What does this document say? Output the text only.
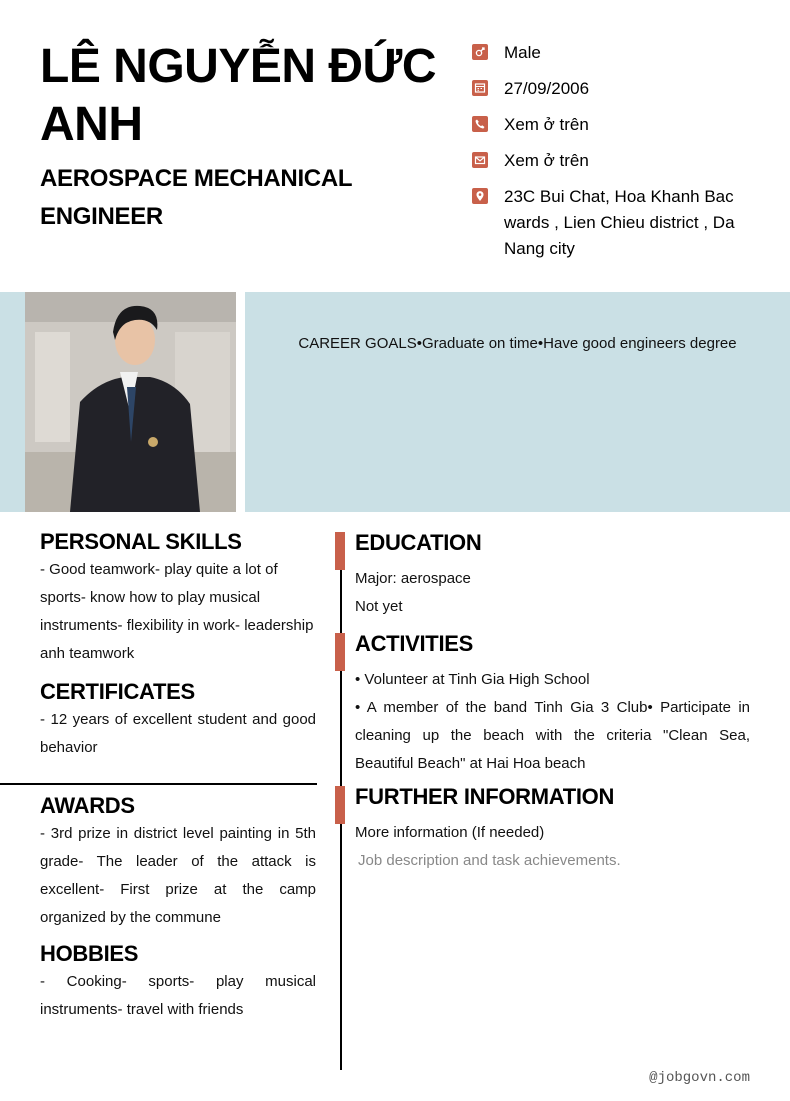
LÊ NGUYỄN ĐỨC ANH
AEROSPACE MECHANICAL ENGINEER
Male
27/09/2006
Xem ở trên
Xem ở trên
23C Bui Chat, Hoa Khanh Bac wards , Lien Chieu district , Da Nang city
CAREER GOALS•Graduate on time•Have good engineers degree
PERSONAL SKILLS
- Good teamwork- play quite a lot of sports- know how to play musical instruments- flexibility in work- leadership anh teamwork
CERTIFICATES
- 12 years of excellent student and good behavior
AWARDS
- 3rd prize in district level painting in 5th grade- The leader of the attack is excellent- First prize at the camp organized by the commune
HOBBIES
- Cooking- sports- play musical instruments- travel with friends
EDUCATION
Major: aerospace
Not yet
ACTIVITIES
• Volunteer at Tinh Gia High School
• A member of the band Tinh Gia 3 Club• Participate in cleaning up the beach with the criteria "Clean Sea, Beautiful Beach" at Hai Hoa beach
FURTHER INFORMATION
More information (If needed)
Job description and task achievements.
@jobgovn.com
